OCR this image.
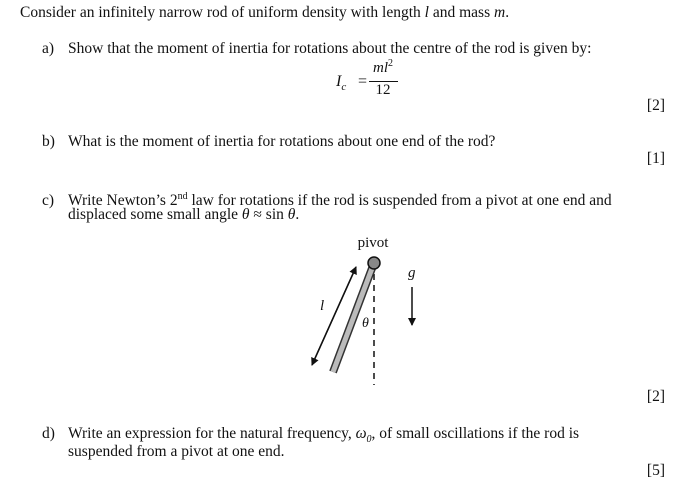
Consider an infinitely narrow rod of uniform density with length l and mass m.
a) Show that the moment of inertia for rotations about the centre of the rod is given by:
$I_c$ =
$ml^2$
12
[2]
b) What is the moment of inertia for rotations about one end of the rod?
[1]
c) Write Newton’s 2nd law for rotations if the rod is suspended from a pivot at one end and
displaced some small angle θ ≈ sin θ.
pivot
l
θ
g
[2]
d) Write an expression for the natural frequency, $\omega_0$, of small oscillations if the rod is
suspended from a pivot at one end.
[5]
